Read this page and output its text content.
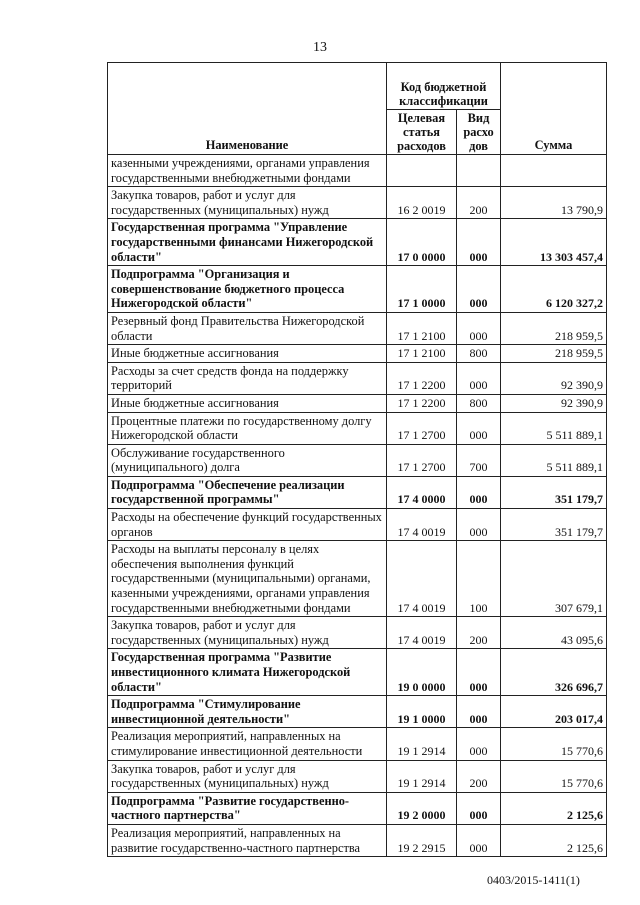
13
Наименование	Код бюджетной классификации		Сумма
	Целевая статья расходов	Вид расхо дов	
казенными учреждениями, органами управления государственными внебюджетными фондами			
Закупка товаров, работ и услуг для государственных (муниципальных) нужд	16 2 0019	200	13 790,9
Государственная программа "Управление государственными финансами Нижегородской области"	17 0 0000	000	13 303 457,4
Подпрограмма "Организация и совершенствование бюджетного процесса Нижегородской области"	17 1 0000	000	6 120 327,2
Резервный фонд Правительства Нижегородской области	17 1 2100	000	218 959,5
Иные бюджетные ассигнования	17 1 2100	800	218 959,5
Расходы за счет средств фонда на поддержку территорий	17 1 2200	000	92 390,9
Иные бюджетные ассигнования	17 1 2200	800	92 390,9
Процентные платежи по государственному долгу Нижегородской области	17 1 2700	000	5 511 889,1
Обслуживание государственного (муниципального) долга	17 1 2700	700	5 511 889,1
Подпрограмма "Обеспечение реализации государственной программы"	17 4 0000	000	351 179,7
Расходы на обеспечение функций государственных органов	17 4 0019	000	351 179,7
Расходы на выплаты персоналу в целях обеспечения выполнения функций государственными (муниципальными) органами, казенными учреждениями, органами управления государственными внебюджетными фондами	17 4 0019	100	307 679,1
Закупка товаров, работ и услуг для государственных (муниципальных) нужд	17 4 0019	200	43 095,6
Государственная программа "Развитие инвестиционного климата Нижегородской области"	19 0 0000	000	326 696,7
Подпрограмма "Стимулирование инвестиционной деятельности"	19 1 0000	000	203 017,4
Реализация мероприятий, направленных на стимулирование инвестиционной деятельности	19 1 2914	000	15 770,6
Закупка товаров, работ и услуг для государственных (муниципальных) нужд	19 1 2914	200	15 770,6
Подпрограмма "Развитие государственно-частного партнерства"	19 2 0000	000	2 125,6
Реализация мероприятий, направленных на развитие государственно-частного партнерства	19 2 2915	000	2 125,6
0403/2015-1411(1)
